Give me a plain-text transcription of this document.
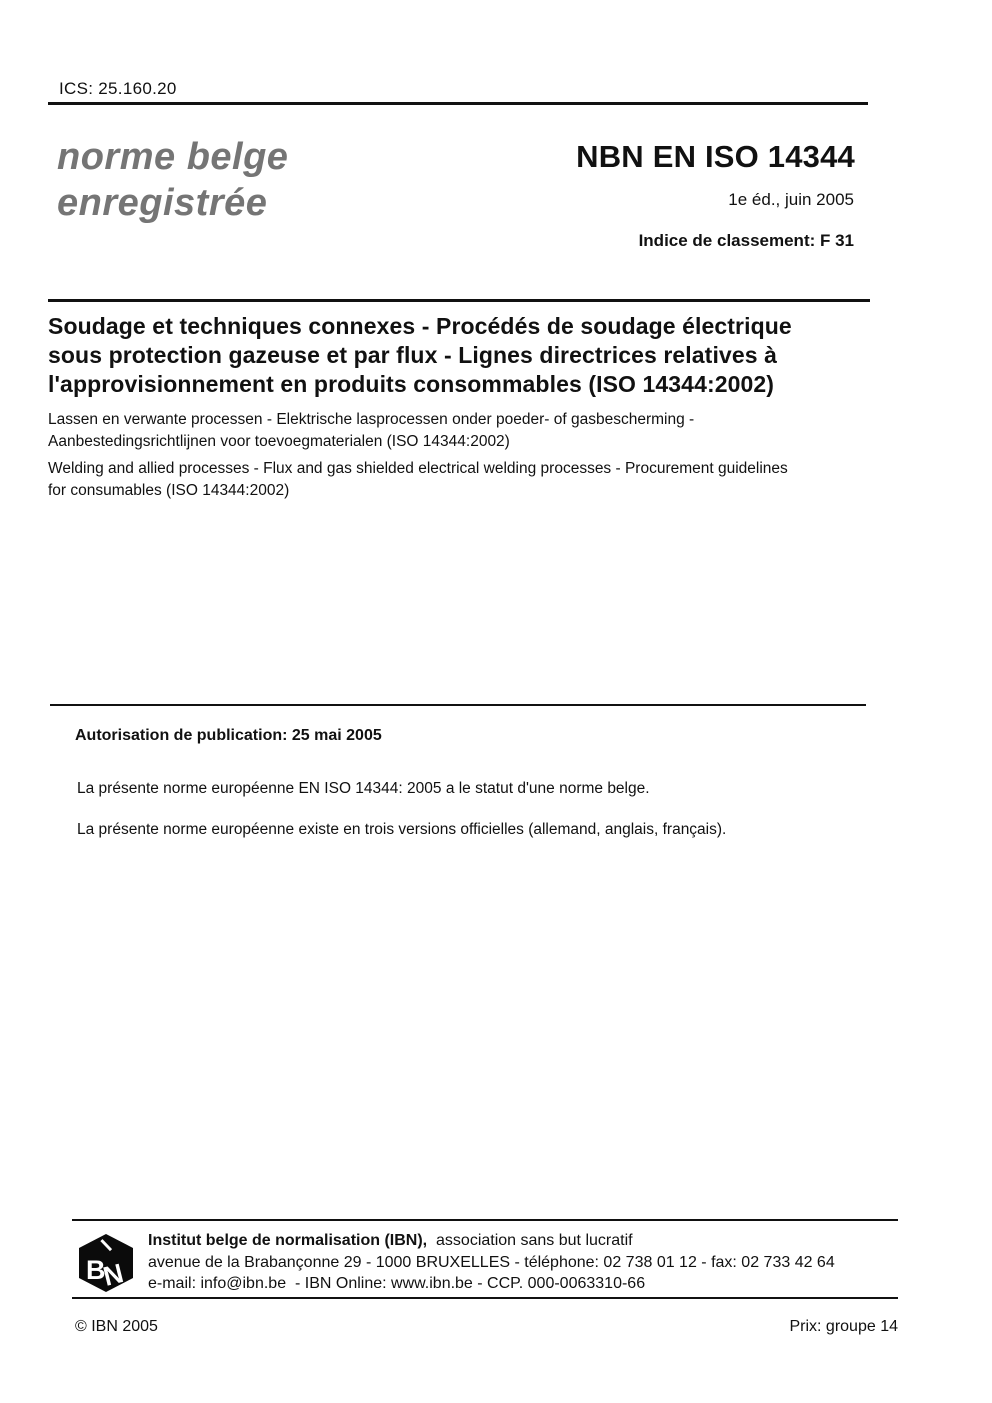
ICS: 25.160.20
norme belge
enregistrée
NBN EN ISO 14344
1e éd., juin 2005
Indice de classement: F 31
Soudage et techniques connexes - Procédés de soudage électrique
sous protection gazeuse et par flux - Lignes directrices relatives à
l'approvisionnement en produits consommables (ISO 14344:2002)
Lassen en verwante processen - Elektrische lasprocessen onder poeder- of gasbescherming -
Aanbestedingsrichtlijnen voor toevoegmaterialen (ISO 14344:2002)
Welding and allied processes - Flux and gas shielded electrical welding processes - Procurement guidelines
for consumables (ISO 14344:2002)
Autorisation de publication: 25 mai 2005
La présente norme européenne EN ISO 14344: 2005 a le statut d'une norme belge.
La présente norme européenne existe en trois versions officielles (allemand, anglais, français).
B
N
I Institut belge de normalisation (IBN),  association sans but lucratif
avenue de la Brabançonne 29 - 1000 BRUXELLES - téléphone: 02 738 01 12 - fax: 02 733 42 64
e-mail: info@ibn.be  - IBN Online: www.ibn.be - CCP. 000-0063310-66
© IBN 2005	Prix: groupe 14
